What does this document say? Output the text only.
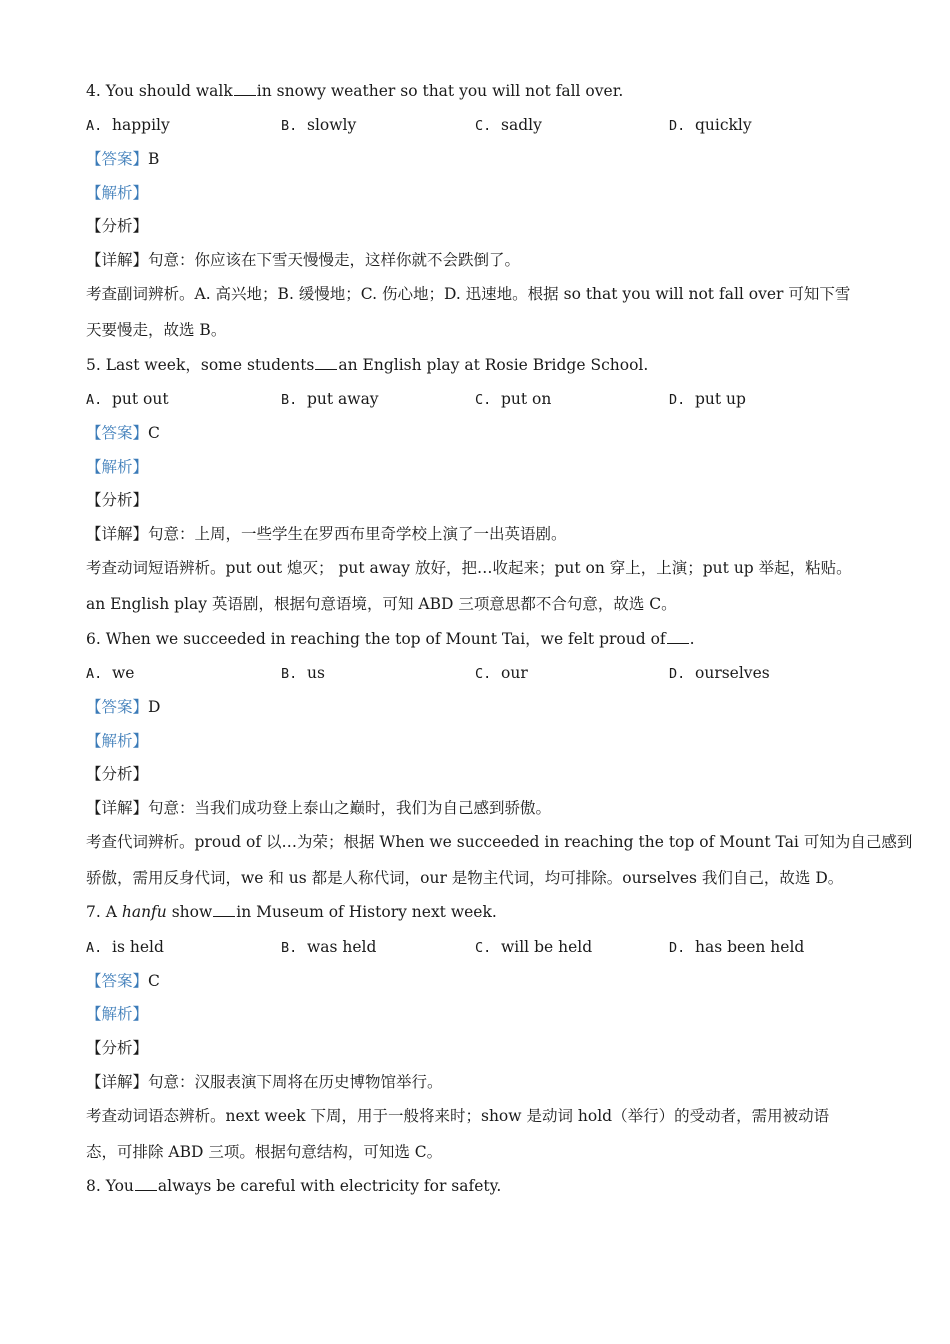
4. You should walk in snowy weather so that you will not fall over.
A. happily	B. slowly	C. sadly	D. quickly
【答案】B
【解析】
【分析】
【详解】句意：你应该在下雪天慢慢走，这样你就不会跌倒了。
考查副词辨析。A. 高兴地；B. 缓慢地；C. 伤心地；D. 迅速地。根据 so that you will not fall over 可知下雪
天要慢走，故选 B。
5. Last week，some students an English play at Rosie Bridge School.
A. put out	B. put away	C. put on	D. put up
【答案】C
【解析】
【分析】
【详解】句意：上周，一些学生在罗西布里奇学校上演了一出英语剧。
考查动词短语辨析。put out 熄灭； put away 放好，把…收起来；put on 穿上，上演；put up 举起，粘贴。
an English play 英语剧，根据句意语境，可知 ABD 三项意思都不合句意，故选 C。
6. When we succeeded in reaching the top of Mount Tai，we felt proud of .
A. we	B. us	C. our	D. ourselves
【答案】D
【解析】
【分析】
【详解】句意：当我们成功登上泰山之巅时，我们为自己感到骄傲。
考查代词辨析。proud of 以…为荣；根据 When we succeeded in reaching the top of Mount Tai 可知为自己感到
骄傲，需用反身代词，we 和 us 都是人称代词，our 是物主代词，均可排除。ourselves 我们自己，故选 D。
7. A hanfu show in Museum of History next week.
A. is held	B. was held	C. will be held	D. has been held
【答案】C
【解析】
【分析】
【详解】句意：汉服表演下周将在历史博物馆举行。
考查动词语态辨析。next week 下周，用于一般将来时；show 是动词 hold（举行）的受动者，需用被动语
态，可排除 ABD 三项。根据句意结构，可知选 C。
8. You always be careful with electricity for safety.
